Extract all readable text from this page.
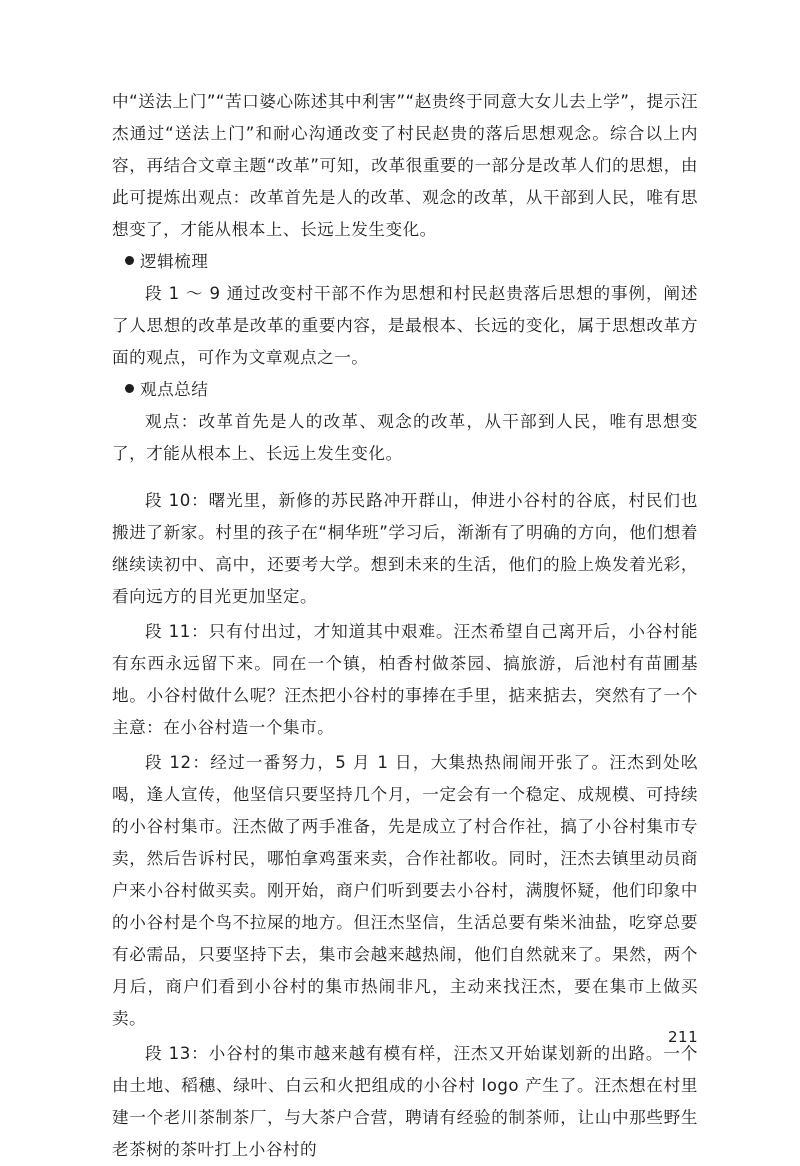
中“送法上门”“苦口婆心陈述其中利害”“赵贵终于同意大女儿去上学”，提示汪杰通过“送法上门”和耐心沟通改变了村民赵贵的落后思想观念。综合以上内容，再结合文章主题“改革”可知，改革很重要的一部分是改革人们的思想，由此可提炼出观点：改革首先是人的改革、观念的改革，从干部到人民，唯有思想变了，才能从根本上、长远上发生变化。

逻辑梳理

段 1 ～ 9 通过改变村干部不作为思想和村民赵贵落后思想的事例，阐述了人思想的改革是改革的重要内容，是最根本、长远的变化，属于思想改革方面的观点，可作为文章观点之一。

观点总结

观点：改革首先是人的改革、观念的改革，从干部到人民，唯有思想变了，才能从根本上、长远上发生变化。

段 10：曙光里，新修的苏民路冲开群山，伸进小谷村的谷底，村民们也搬进了新家。村里的孩子在“桐华班”学习后，渐渐有了明确的方向，他们想着继续读初中、高中，还要考大学。想到未来的生活，他们的脸上焕发着光彩，看向远方的目光更加坚定。

段 11：只有付出过，才知道其中艰难。汪杰希望自己离开后，小谷村能有东西永远留下来。同在一个镇，柏香村做茶园、搞旅游，后池村有苗圃基地。小谷村做什么呢？汪杰把小谷村的事捧在手里，掂来掂去，突然有了一个主意：在小谷村造一个集市。

段 12：经过一番努力，5 月 1 日，大集热热闹闹开张了。汪杰到处吆喝，逢人宣传，他坚信只要坚持几个月，一定会有一个稳定、成规模、可持续的小谷村集市。汪杰做了两手准备，先是成立了村合作社，搞了小谷村集市专卖，然后告诉村民，哪怕拿鸡蛋来卖，合作社都收。同时，汪杰去镇里动员商户来小谷村做买卖。刚开始，商户们听到要去小谷村，满腹怀疑，他们印象中的小谷村是个鸟不拉屎的地方。但汪杰坚信，生活总要有柴米油盐，吃穿总要有必需品，只要坚持下去，集市会越来越热闹，他们自然就来了。果然，两个月后，商户们看到小谷村的集市热闹非凡，主动来找汪杰，要在集市上做买卖。

段 13：小谷村的集市越来越有模有样，汪杰又开始谋划新的出路。一个由土地、稻穗、绿叶、白云和火把组成的小谷村 logo 产生了。汪杰想在村里建一个老川茶制茶厂，与大茶户合营，聘请有经验的制茶师，让山中那些野生老茶树的茶叶打上小谷村的

211
